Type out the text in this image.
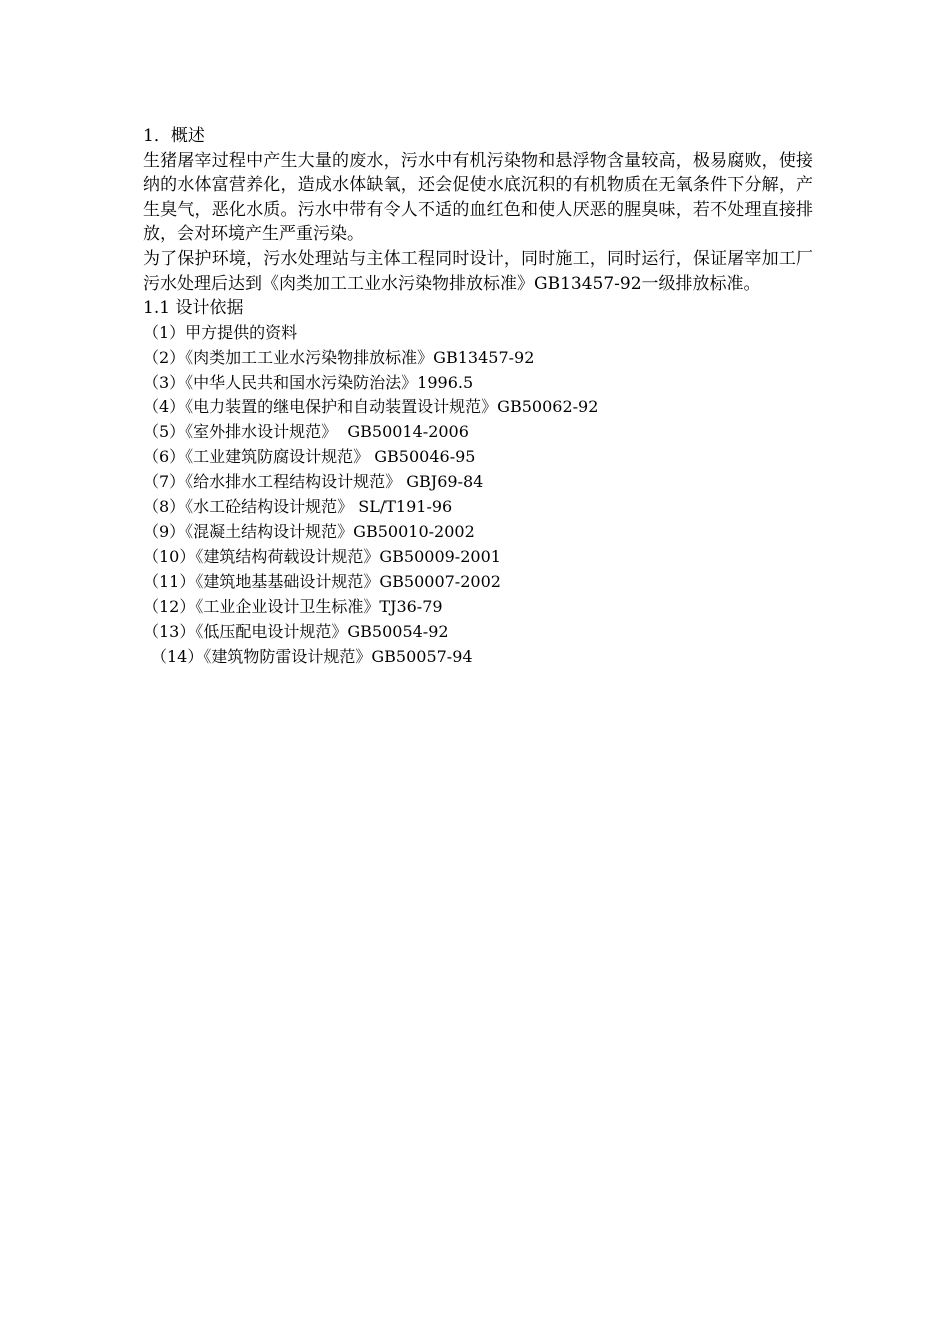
1．概述

生猪屠宰过程中产生大量的废水，污水中有机污染物和悬浮物含量较高，极易腐败，使接纳的水体富营养化，造成水体缺氧，还会促使水底沉积的有机物质在无氧条件下分解，产生臭气，恶化水质。污水中带有令人不适的血红色和使人厌恶的腥臭味，若不处理直接排放，会对环境产生严重污染。

为了保护环境，污水处理站与主体工程同时设计，同时施工，同时运行，保证屠宰加工厂污水处理后达到《肉类加工工业水污染物排放标准》GB13457-92一级排放标准。

1.1 设计依据

（1）甲方提供的资料
（2）《肉类加工工业水污染物排放标准》GB13457-92
（3）《中华人民共和国水污染防治法》1996.5
（4）《电力装置的继电保护和自动装置设计规范》GB50062-92
（5）《室外排水设计规范》  GB50014-2006
（6）《工业建筑防腐设计规范》 GB50046-95
（7）《给水排水工程结构设计规范》 GBJ69-84
（8）《水工砼结构设计规范》 SL/T191-96
（9）《混凝土结构设计规范》GB50010-2002
（10）《建筑结构荷载设计规范》GB50009-2001
（11）《建筑地基基础设计规范》GB50007-2002
（12）《工业企业设计卫生标准》TJ36-79
（13）《低压配电设计规范》GB50054-92
（14）《建筑物防雷设计规范》GB50057-94
